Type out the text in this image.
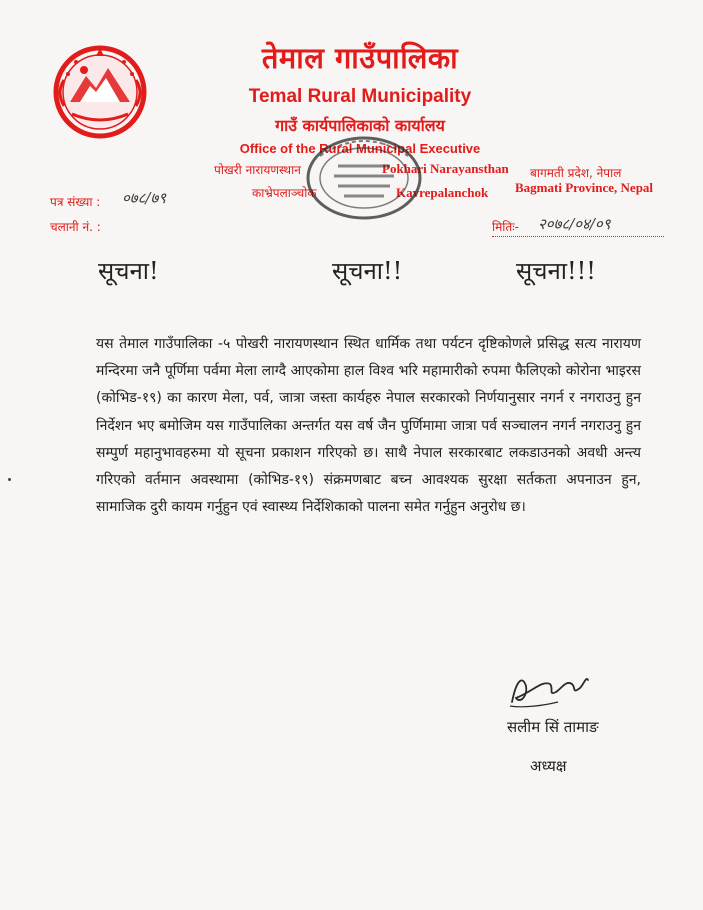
तेमाल गाउँपालिका
Temal Rural Municipality
गाउँ कार्यपालिकाको कार्यालय
Office of the Rural Municipal Executive
पोखरी नारायणस्थान	Pokhari Narayansthan
काभ्रेपलाञ्चोक	Kavrepalanchok
बागमती प्रदेश, नेपाल
Bagmati Province, Nepal
पत्र संख्या : ०७८/७९
चलानी नं. :	मितिः- २०७८/०४/०९
सूचना!	सूचना!!	सूचना!!!
यस तेमाल गाउँपालिका -५ पोखरी नारायणस्थान स्थित धार्मिक तथा पर्यटन दृष्टिकोणले प्रसिद्ध सत्य नारायण मन्दिरमा जनै पूर्णिमा पर्वमा मेला लाग्दै आएकोमा हाल विश्व भरि महामारीको रुपमा फैलिएको कोरोना भाइरस (कोभिड-१९) का कारण मेला, पर्व, जात्रा जस्ता कार्यहरु नेपाल सरकारको निर्णयानुसार नगर्न र नगराउनु हुन निर्देशन भए बमोजिम यस गाउँपालिका अन्तर्गत यस वर्ष जैन पुर्णिमामा जात्रा पर्व सञ्चालन नगर्न नगराउनु हुन सम्पुर्ण महानुभावहरुमा यो सूचना प्रकाशन गरिएको छ। साथै नेपाल सरकारबाट लकडाउनको अवधी अन्त्य गरिएको वर्तमान अवस्थामा (कोभिड-१९) संक्रमणबाट बच्न आवश्यक सुरक्षा सर्तकता अपनाउन हुन, सामाजिक दुरी कायम गर्नुहुन एवं स्वास्थ्य निर्देशिकाको पालना समेत गर्नुहुन अनुरोध छ।
सलीम सिं तामाङ
अध्यक्ष
